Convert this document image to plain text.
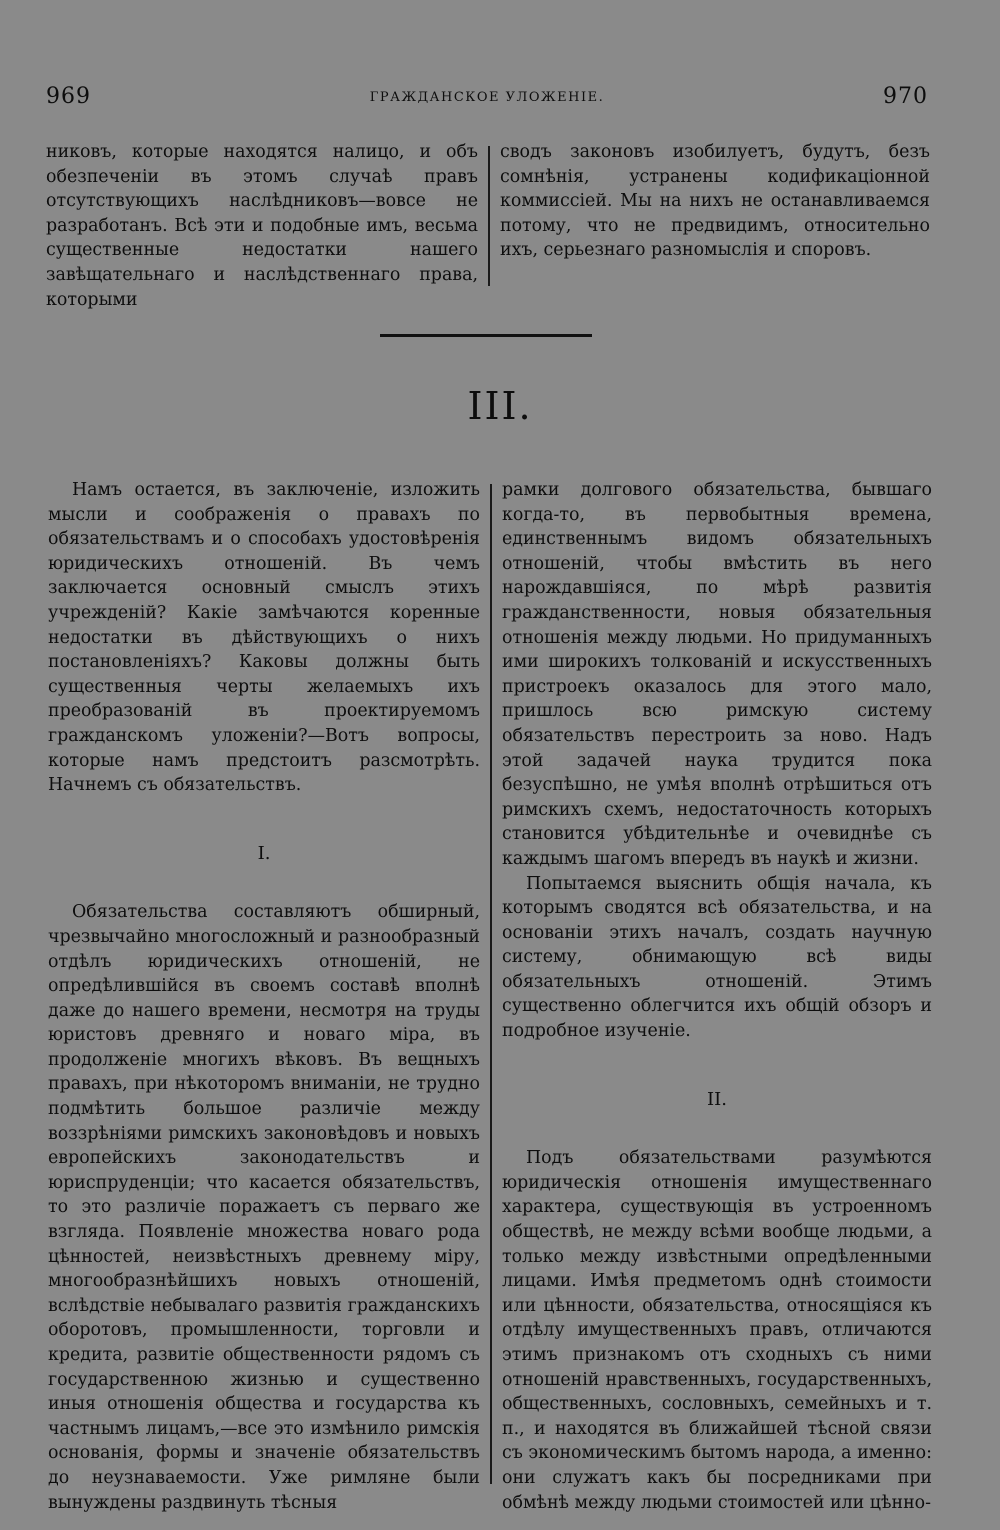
969	ГРАЖДАНСКОЕ УЛОЖЕНІЕ.	970

никовъ, которые находятся налицо, и объ обезпеченіи въ этомъ случаѣ правъ отсутствующихъ наслѣдниковъ—вовсе не разработанъ. Всѣ эти и подобные имъ, весьма существенные недостатки нашего завѣщательнаго и наслѣдственнаго права, которыми

сводъ законовъ изобилуетъ, будутъ, безъ сомнѣнія, устранены кодификаціонной коммиссіей. Мы на нихъ не останавливаемся потому, что не предвидимъ, относительно ихъ, серьезнаго разномыслія и споровъ.

III.

Намъ остается, въ заключеніе, изложить мысли и соображенія о правахъ по обязательствамъ и о способахъ удостовѣренія юридическихъ отношеній. Въ чемъ заключается основный смыслъ этихъ учрежденій? Какіе замѣчаются коренные недостатки въ дѣйствующихъ о нихъ постановленіяхъ? Каковы должны быть существенныя черты желаемыхъ ихъ преобразованій въ проектируемомъ гражданскомъ уложеніи?—Вотъ вопросы, которые намъ предстоитъ разсмотрѣть. Начнемъ съ обязательствъ.

I.

Обязательства составляютъ обширный, чрезвычайно многосложный и разнообразный отдѣлъ юридическихъ отношеній, не опредѣлившійся въ своемъ составѣ вполнѣ даже до нашего времени, несмотря на труды юристовъ древняго и новаго міра, въ продолженіе многихъ вѣковъ. Въ вещныхъ правахъ, при нѣкоторомъ вниманіи, не трудно подмѣтить большое различіе между воззрѣніями римскихъ законовѣдовъ и новыхъ европейскихъ законодательствъ и юриспруденціи; что касается обязательствъ, то это различіе поражаетъ съ перваго же взгляда. Появленіе множества новаго рода цѣнностей, неизвѣстныхъ древнему міру, многообразнѣйшихъ новыхъ отношеній, вслѣдствіе небывалаго развитія гражданскихъ оборотовъ, промышленности, торговли и кредита, развитіе общественности рядомъ съ государственною жизнью и существенно иныя отношенія общества и государства къ частнымъ лицамъ,—все это измѣнило римскія основанія, формы и значеніе обязательствъ до неузнаваемости. Уже римляне были вынуждены раздвинуть тѣсныя

рамки долгового обязательства, бывшаго когда-то, въ первобытныя времена, единственнымъ видомъ обязательныхъ отношеній, чтобы вмѣстить въ него нарождавшіяся, по мѣрѣ развитія гражданственности, новыя обязательныя отношенія между людьми. Но придуманныхъ ими широкихъ толкованій и искусственныхъ пристроекъ оказалось для этого мало, пришлось всю римскую систему обязательствъ перестроить за ново. Надъ этой задачей наука трудится пока безуспѣшно, не умѣя вполнѣ отрѣшиться отъ римскихъ схемъ, недостаточность которыхъ становится убѣдительнѣе и очевиднѣе съ каждымъ шагомъ впередъ въ наукѣ и жизни.

Попытаемся выяснить общія начала, къ которымъ сводятся всѣ обязательства, и на основаніи этихъ началъ, создать научную систему, обнимающую всѣ виды обязательныхъ отношеній. Этимъ существенно облегчится ихъ общій обзоръ и подробное изученіе.

II.

Подъ обязательствами разумѣются юридическія отношенія имущественнаго характера, существующія въ устроенномъ обществѣ, не между всѣми вообще людьми, а только между извѣстными опредѣленными лицами. Имѣя предметомъ однѣ стоимости или цѣнности, обязательства, относящіяся къ отдѣлу имущественныхъ правъ, отличаются этимъ признакомъ отъ сходныхъ съ ними отношеній нравственныхъ, государственныхъ, общественныхъ, сословныхъ, семейныхъ и т. п., и находятся въ ближайшей тѣсной связи съ экономическимъ бытомъ народа, а именно: они служатъ какъ бы посредниками при обмѣнѣ между людьми стоимостей или цѣнно-
